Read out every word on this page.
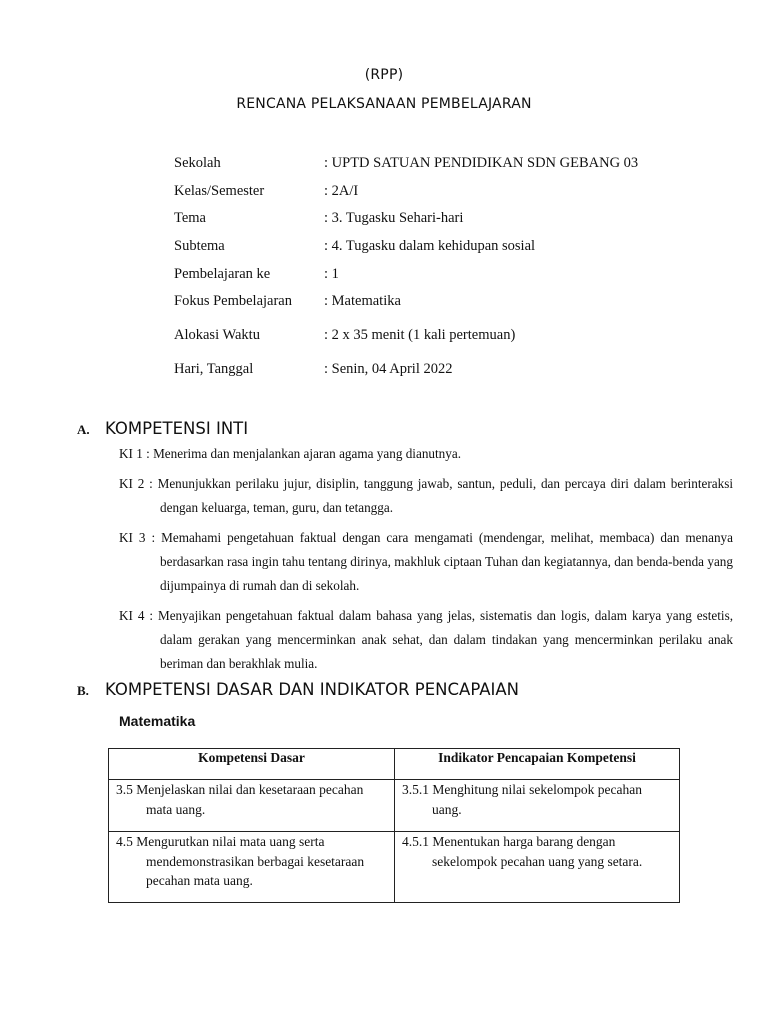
(RPP)
RENCANA PELAKSANAAN PEMBELAJARAN
Sekolah	: UPTD SATUAN PENDIDIKAN SDN GEBANG 03
Kelas/Semester	: 2A/I
Tema	: 3. Tugasku Sehari-hari
Subtema	: 4. Tugasku dalam kehidupan sosial
Pembelajaran ke	: 1
Fokus Pembelajaran : Matematika
Alokasi Waktu	: 2 x 35 menit (1 kali pertemuan)
Hari, Tanggal	: Senin, 04 April 2022
A. KOMPETENSI INTI

KI 1 : Menerima dan menjalankan ajaran agama yang dianutnya.

KI 2 : Menunjukkan perilaku jujur, disiplin, tanggung jawab, santun, peduli, dan percaya diri dalam berinteraksi dengan keluarga, teman, guru, dan tetangga.

KI 3 : Memahami pengetahuan faktual dengan cara mengamati (mendengar, melihat, membaca) dan menanya berdasarkan rasa ingin tahu tentang dirinya, makhluk ciptaan Tuhan dan kegiatannya, dan benda-benda yang dijumpainya di rumah dan di sekolah.

KI 4 : Menyajikan pengetahuan faktual dalam bahasa yang jelas, sistematis dan logis, dalam karya yang estetis, dalam gerakan yang mencerminkan anak sehat, dan dalam tindakan yang mencerminkan perilaku anak beriman dan berakhlak mulia.

B. KOMPETENSI DASAR DAN INDIKATOR PENCAPAIAN
Matematika
Kompetensi Dasar	Indikator Pencapaian Kompetensi

3.5 Menjelaskan nilai dan kesetaraan pecahan mata uang.	3.5.1 Menghitung nilai sekelompok pecahan uang.

4.5 Mengurutkan nilai mata uang serta mendemonstrasikan berbagai kesetaraan pecahan mata uang.	4.5.1 Menentukan harga barang dengan sekelompok pecahan uang yang setara.
